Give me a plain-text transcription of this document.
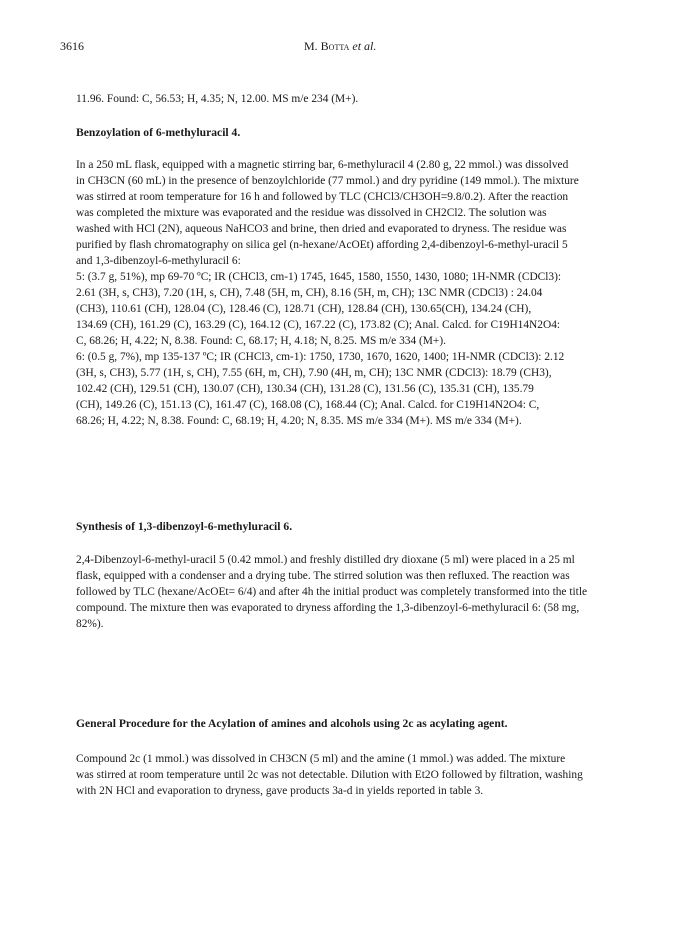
3616	M. Botta et al.
11.96. Found: C, 56.53; H, 4.35; N, 12.00. MS m/e 234 (M+).
Benzoylation of 6-methyluracil 4.
In a 250 mL flask, equipped with a magnetic stirring bar, 6-methyluracil 4 (2.80 g, 22 mmol.) was dissolved
in CH3CN (60 mL) in the presence of benzoylchloride (77 mmol.) and dry pyridine (149 mmol.). The mixture
was stirred at room temperature for 16 h and followed by TLC (CHCl3/CH3OH=9.8/0.2). After the reaction
was completed the mixture was evaporated and the residue was dissolved in CH2Cl2. The solution was
washed with HCl (2N), aqueous NaHCO3 and brine, then dried and evaporated to dryness. The residue was
purified by flash chromatography on silica gel (n-hexane/AcOEt) affording 2,4-dibenzoyl-6-methyl-uracil 5
and 1,3-dibenzoyl-6-methyluracil 6:
5: (3.7 g, 51%), mp 69-70 ºC; IR (CHCl3, cm-1) 1745, 1645, 1580, 1550, 1430, 1080; 1H-NMR (CDCl3):
2.61 (3H, s, CH3), 7.20 (1H, s, CH), 7.48 (5H, m, CH), 8.16 (5H, m, CH); 13C NMR (CDCl3) : 24.04
(CH3), 110.61 (CH), 128.04 (C), 128.46 (C), 128.71 (CH), 128.84 (CH), 130.65(CH), 134.24 (CH),
134.69 (CH), 161.29 (C), 163.29 (C), 164.12 (C), 167.22 (C), 173.82 (C); Anal. Calcd. for C19H14N2O4:
C, 68.26; H, 4.22; N, 8.38. Found: C, 68.17; H, 4.18; N, 8.25. MS m/e 334 (M+).
6: (0.5 g, 7%), mp 135-137 ºC; IR (CHCl3, cm-1): 1750, 1730, 1670, 1620, 1400; 1H-NMR (CDCl3): 2.12
(3H, s, CH3), 5.77 (1H, s, CH), 7.55 (6H, m, CH), 7.90 (4H, m, CH); 13C NMR (CDCl3): 18.79 (CH3),
102.42 (CH), 129.51 (CH), 130.07 (CH), 130.34 (CH), 131.28 (C), 131.56 (C), 135.31 (CH), 135.79
(CH), 149.26 (C), 151.13 (C), 161.47 (C), 168.08 (C), 168.44 (C); Anal. Calcd. for C19H14N2O4: C,
68.26; H, 4.22; N, 8.38. Found: C, 68.19; H, 4.20; N, 8.35. MS m/e 334 (M+). MS m/e 334 (M+).
Synthesis of 1,3-dibenzoyl-6-methyluracil 6.
2,4-Dibenzoyl-6-methyl-uracil 5 (0.42 mmol.) and freshly distilled dry dioxane (5 ml) were placed in a 25 ml
flask, equipped with a condenser and a drying tube. The stirred solution was then refluxed. The reaction was
followed by TLC (hexane/AcOEt= 6/4) and after 4h the initial product was completely transformed into the title
compound. The mixture then was evaporated to dryness affording the 1,3-dibenzoyl-6-methyluracil 6: (58 mg,
82%).
General Procedure for the Acylation of amines and alcohols using 2c as acylating agent.
Compound 2c (1 mmol.) was dissolved in CH3CN (5 ml) and the amine (1 mmol.) was added. The mixture
was stirred at room temperature until 2c was not detectable. Dilution with Et2O followed by filtration, washing
with 2N HCl and evaporation to dryness, gave products 3a-d in yields reported in table 3.
